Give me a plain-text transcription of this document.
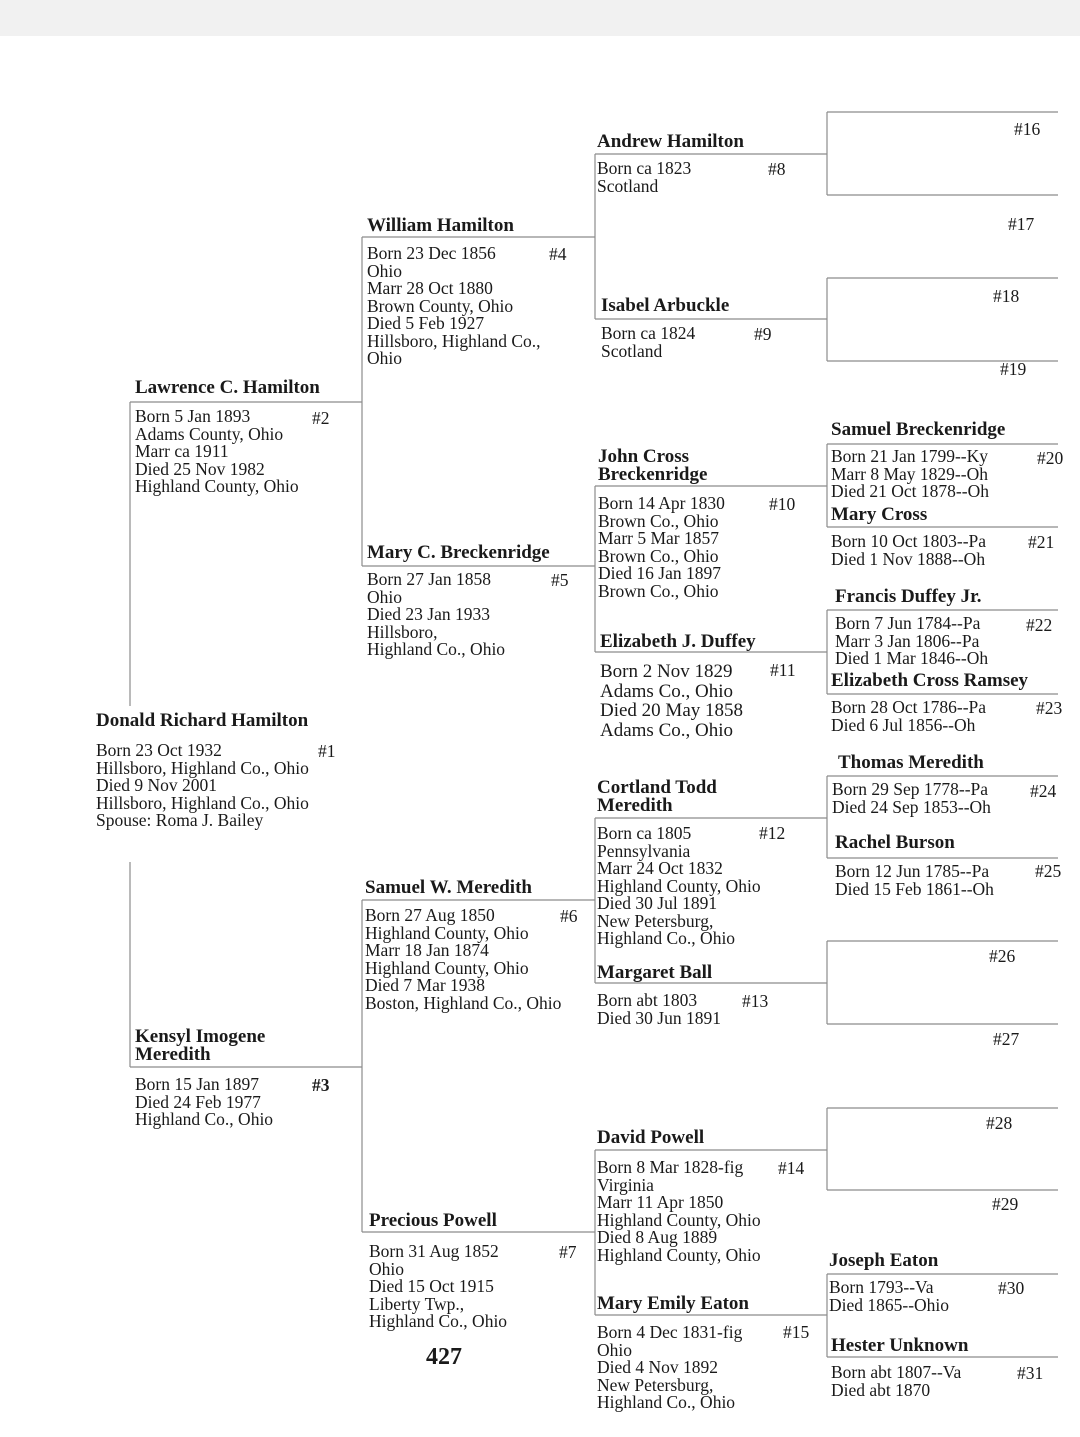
Donald Richard Hamilton
Born 23 Oct 1932
Hillsboro, Highland Co., Ohio
Died 9 Nov 2001
Hillsboro, Highland Co., Ohio
Spouse: Roma J. Bailey
#1
Lawrence C. Hamilton
Born 5 Jan 1893
Adams County, Ohio
Marr ca 1911
Died 25 Nov 1982
Highland County, Ohio
#2
Kensyl Imogene
Meredith
Born 15 Jan 1897
Died 24 Feb 1977
Highland Co., Ohio
#3
William Hamilton
Born 23 Dec 1856
Ohio
Marr 28 Oct 1880
Brown County, Ohio
Died 5 Feb 1927
Hillsboro, Highland Co.,
Ohio
#4
Mary C. Breckenridge
Born 27 Jan 1858
Ohio
Died 23 Jan 1933
Hillsboro,
Highland Co., Ohio
#5
Samuel W. Meredith
Born 27 Aug 1850
Highland County, Ohio
Marr 18 Jan 1874
Highland County, Ohio
Died 7 Mar 1938
Boston, Highland Co., Ohio
#6
Precious Powell
Born 31 Aug 1852
Ohio
Died 15 Oct 1915
Liberty Twp.,
Highland Co., Ohio
#7
Andrew Hamilton
Born ca 1823
Scotland
#8
Isabel Arbuckle
Born ca 1824
Scotland
#9
John Cross
Breckenridge
Born 14 Apr 1830
Brown Co., Ohio
Marr 5 Mar 1857
Brown Co., Ohio
Died 16 Jan 1897
Brown Co., Ohio
#10
Elizabeth J. Duffey
Born 2 Nov 1829
Adams Co., Ohio
Died 20 May 1858
Adams Co., Ohio
#11
Cortland Todd
Meredith
Born ca 1805
Pennsylvania
Marr 24 Oct 1832
Highland County, Ohio
Died 30 Jul 1891
New Petersburg,
Highland Co., Ohio
#12
Margaret Ball
Born abt 1803
Died 30 Jun 1891
#13
David Powell
Born 8 Mar 1828-fig
Virginia
Marr 11 Apr 1850
Highland County, Ohio
Died 8 Aug 1889
Highland County, Ohio
#14
Mary Emily Eaton
Born 4 Dec 1831-fig
Ohio
Died 4 Nov 1892
New Petersburg,
Highland Co., Ohio
#15
#16
#17
#18
#19
#26
#27
#28
#29
Samuel Breckenridge
Born 21 Jan 1799--Ky
Marr 8 May 1829--Oh
Died 21 Oct 1878--Oh
#20
Mary Cross
Born 10 Oct 1803--Pa
Died 1 Nov 1888--Oh
#21
Francis Duffey Jr.
Born 7 Jun 1784--Pa
Marr 3 Jan 1806--Pa
Died 1 Mar 1846--Oh
#22
Elizabeth Cross Ramsey
Born 28 Oct 1786--Pa
Died 6 Jul 1856--Oh
#23
Thomas Meredith
Born 29 Sep 1778--Pa
Died 24 Sep 1853--Oh
#24
Rachel Burson
Born 12 Jun 1785--Pa
Died 15 Feb 1861--Oh
#25
Joseph Eaton
Born 1793--Va
Died 1865--Ohio
#30
Hester Unknown
Born abt 1807--Va
Died abt 1870
#31
427
